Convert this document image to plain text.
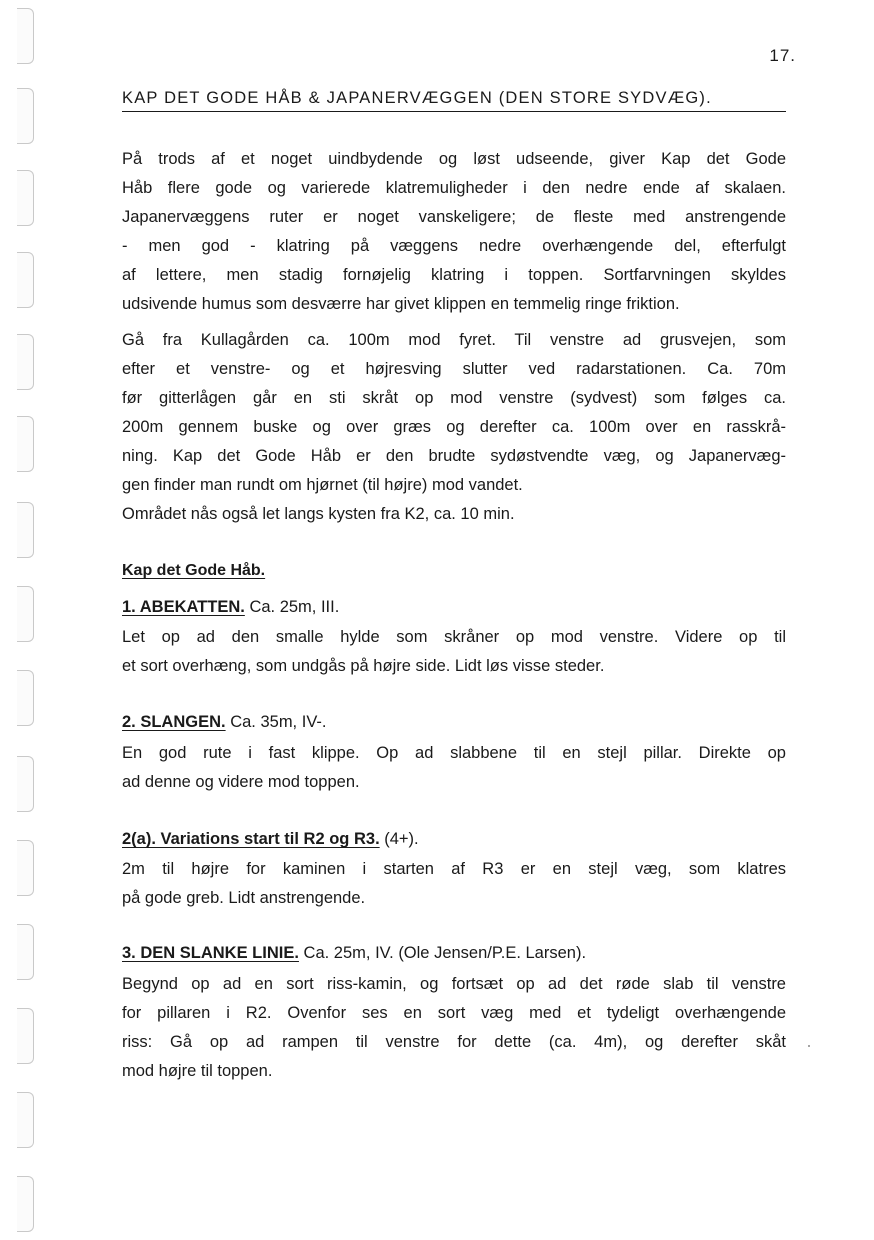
17.
KAP DET GODE HÅB & JAPANERVÆGGEN (DEN STORE SYDVÆG).

På trods af et noget uindbydende og løst udseende, giver Kap det Gode
Håb flere gode og varierede klatremuligheder i den nedre ende af skalaen.
Japanervæggens ruter er noget vanskeligere; de fleste med anstrengende
- men god - klatring på væggens nedre overhængende del, efterfulgt
af lettere, men stadig fornøjelig klatring i toppen. Sortfarvningen skyldes
udsivende humus som desværre har givet klippen en temmelig ringe friktion.

Gå fra Kullagården ca. 100m mod fyret. Til venstre ad grusvejen, som
efter et venstre- og et højresving slutter ved radarstationen. Ca. 70m
før gitterlågen går en sti skråt op mod venstre (sydvest) som følges ca.
200m gennem buske og over græs og derefter ca. 100m over en rasskrå-
ning. Kap det Gode Håb er den brudte sydøstvendte væg, og Japanervæg-
gen finder man rundt om hjørnet (til højre) mod vandet.
Området nås også let langs kysten fra K2, ca. 10 min.

Kap det Gode Håb.
1. ABEKATTEN. Ca. 25m, III.

Let op ad den smalle hylde som skråner op mod venstre. Videre op til
et sort overhæng, som undgås på højre side. Lidt løs visse steder.

2. SLANGEN. Ca. 35m, IV-.

En god rute i fast klippe. Op ad slabbene til en stejl pillar. Direkte op
ad denne og videre mod toppen.

2(a). Variations start til R2 og R3. (4+).

2m til højre for kaminen i starten af R3 er en stejl væg, som klatres
på gode greb. Lidt anstrengende.

3. DEN SLANKE LINIE. Ca. 25m, IV. (Ole Jensen/P.E. Larsen).

Begynd op ad en sort riss-kamin, og fortsæt op ad det røde slab til venstre
for pillaren i R2. Ovenfor ses en sort væg med et tydeligt overhængende
riss: Gå op ad rampen til venstre for dette (ca. 4m), og derefter skåt
mod højre til toppen.
